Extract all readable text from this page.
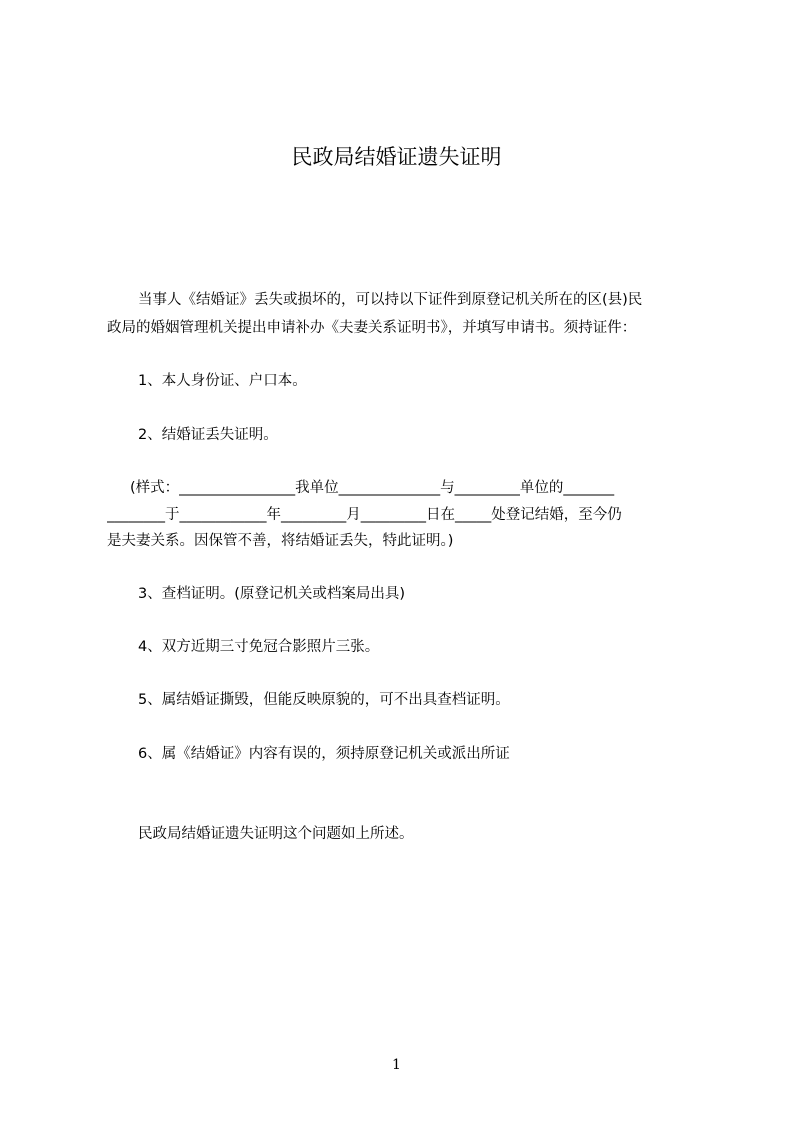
民政局结婚证遗失证明
当事人《结婚证》丢失或损坏的，可以持以下证件到原登记机关所在的区(县)民
政局的婚姻管理机关提出申请补办《夫妻关系证明书》，并填写申请书。须持证件：
1、本人身份证、户口本。
2、结婚证丢失证明。
(样式：________________我单位______________与_________单位的_______
________于____________年_________月_________日在_____处登记结婚，至今仍
是夫妻关系。因保管不善，将结婚证丢失，特此证明。)
3、查档证明。(原登记机关或档案局出具)
4、双方近期三寸免冠合影照片三张。
5、属结婚证撕毁，但能反映原貌的，可不出具查档证明。
6、属《结婚证》内容有误的，须持原登记机关或派出所证
民政局结婚证遗失证明这个问题如上所述。
1
